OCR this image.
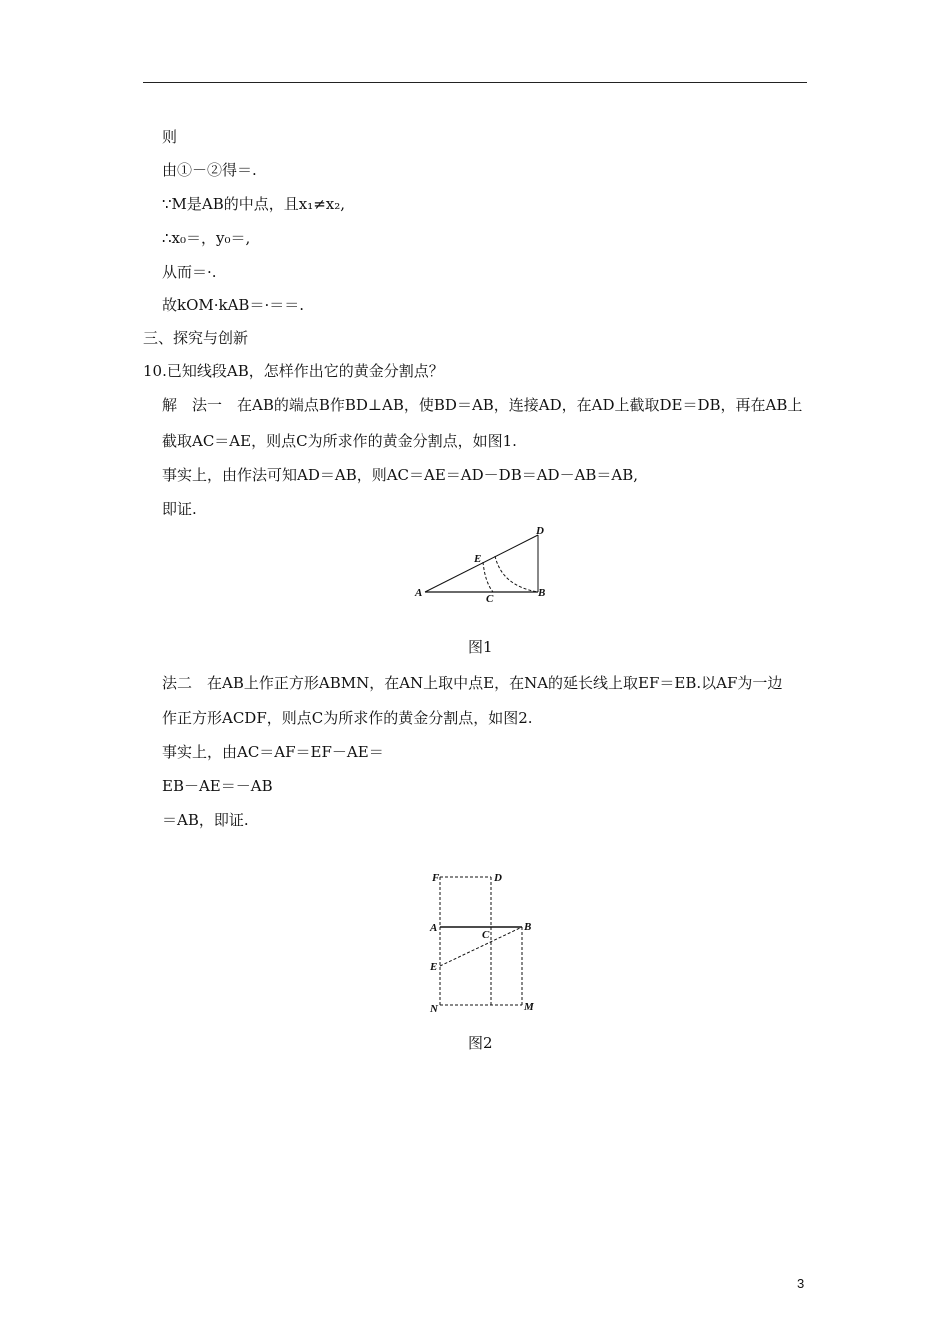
则
由①－②得＝.
∵M是AB的中点，且x₁≠x₂,
∴x₀＝，y₀＝,
从而＝·.
故kOM·kAB＝·＝＝.
三、探究与创新
10.已知线段AB，怎样作出它的黄金分割点？
解　法一　在AB的端点B作BD⊥AB，使BD＝AB，连接AD，在AD上截取DE＝DB，再在AB上
截取AC＝AE，则点C为所求作的黄金分割点，如图1.
事实上，由作法可知AD＝AB，则AC＝AE＝AD－DB＝AD－AB＝AB,
即证.
A	B
C
D
E
图1
法二　在AB上作正方形ABMN，在AN上取中点E，在NA的延长线上取EF＝EB.以AF为一边
作正方形ACDF，则点C为所求作的黄金分割点，如图2.
事实上，由AC＝AF＝EF－AE＝
EB－AE＝－AB
＝AB，即证.
F	D
A	B
C
E
N	M
图2
3
